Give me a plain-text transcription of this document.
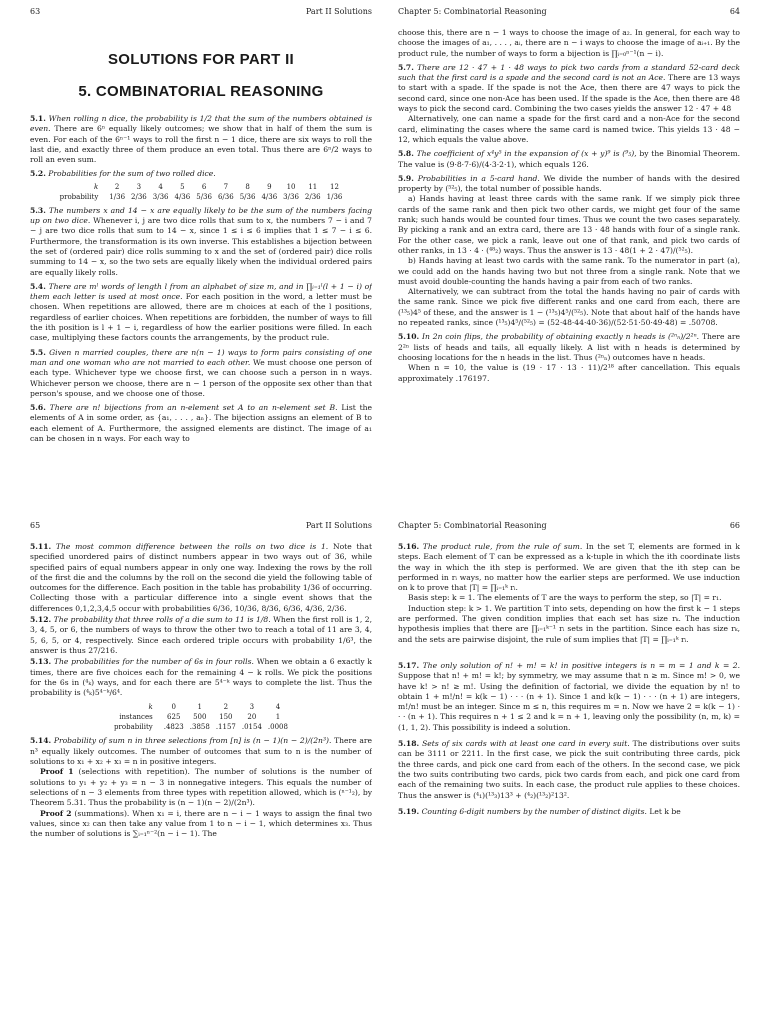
63	Part II Solutions
SOLUTIONS FOR PART II
5. COMBINATORIAL REASONING

5.1. When rolling n dice, the probability is 1/2 that the sum of the numbers obtained is even. There are 6ⁿ equally likely outcomes; we show that in half of them the sum is even. For each of the 6ⁿ⁻¹ ways to roll the first n − 1 dice, there are six ways to roll the last die, and exactly three of them produce an even total. Thus there are 6ⁿ/2 ways to roll an even sum.

5.2. Probabilities for the sum of two rolled dice.

k	2	3	4	5	6	7	8	9	10	11	12
probability	1/36	2/36	3/36	4/36	5/36	6/36	5/36	4/36	3/36	2/36	1/36

5.3. The numbers x and 14 − x are equally likely to be the sum of the numbers facing up on two dice. Whenever i, j are two dice rolls that sum to x, the numbers 7 − i and 7 − j are two dice rolls that sum to 14 − x, since 1 ≤ i ≤ 6 implies that 1 ≤ 7 − i ≤ 6. Furthermore, the transformation is its own inverse. This establishes a bijection between the set of (ordered pair) dice rolls summing to x and the set of (ordered pair) dice rolls summing to 14 − x, so the two sets are equally likely when the individual ordered pairs are equally likely rolls.

5.4. There are mˡ words of length l from an alphabet of size m, and in ∏ᵢ₌₁ˡ(l + 1 − i) of them each letter is used at most once. For each position in the word, a letter must be chosen. When repetitions are allowed, there are m choices at each of the l positions, regardless of earlier choices. When repetitions are forbidden, the number of ways to fill the ith position is l + 1 − i, regardless of how the earlier positions were filled. In each case, multiplying these factors counts the arrangements, by the product rule.

5.5. Given n married couples, there are n(n − 1) ways to form pairs consisting of one man and one woman who are not married to each other. We must choose one person of each type. Whichever type we choose first, we can choose such a person in n ways. Whichever person we choose, there are n − 1 person of the opposite sex other than that person's spouse, and we choose one of those.

5.6. There are n! bijections from an n-element set A to an n-element set B. List the elements of A in some order, as {a₁, . . . , aₙ}. The bijection assigns an element of B to each element of A. Furthermore, the assigned elements are distinct. The image of a₁ can be chosen in n ways. For each way to

Chapter 5: Combinatorial Reasoning	64

choose this, there are n − 1 ways to choose the image of a₂. In general, for each way to choose the images of a₁, . . . , aᵢ, there are n − i ways to choose the image of aᵢ₊₁. By the product rule, the number of ways to form a bijection is ∏ᵢ₌₀ⁿ⁻¹(n − i).

5.7. There are 12 · 47 + 1 · 48 ways to pick two cards from a standard 52-card deck such that the first card is a spade and the second card is not an Ace. There are 13 ways to start with a spade. If the spade is not the Ace, then there are 47 ways to pick the second card, since one non-Ace has been used. If the spade is the Ace, then there are 48 ways to pick the second card. Combining the two cases yields the answer 12 · 47 + 48

Alternatively, one can name a spade for the first card and a non-Ace for the second card, eliminating the cases where the same card is named twice. This yields 13 · 48 − 12, which equals the value above.

5.8. The coefficient of x⁴y⁵ in the expansion of (x + y)⁹ is (⁹₅), by the Binomial Theorem. The value is (9·8·7·6)/(4·3·2·1), which equals 126.

5.9. Probabilities in a 5-card hand. We divide the number of hands with the desired property by (⁵²₅), the total number of possible hands.

a) Hands having at least three cards with the same rank. If we simply pick three cards of the same rank and then pick two other cards, we might get four of the same rank; such hands would be counted four times. Thus we count the two cases separately. By picking a rank and an extra card, there are 13 · 48 hands with four of a single rank. For the other case, we pick a rank, leave out one of that rank, and pick two cards of other ranks, in 13 · 4 · (⁴⁸₂) ways. Thus the answer is 13 · 48(1 + 2 · 47)/(⁵²₅).

b) Hands having at least two cards with the same rank. To the numerator in part (a), we could add on the hands having two but not three from a single rank. Note that we must avoid double-counting the hands having a pair from each of two ranks.

Alternatively, we can subtract from the total the hands having no pair of cards with the same rank. Since we pick five different ranks and one card from each, there are (¹³₅)4⁵ of these, and the answer is 1 − (¹³₅)4⁵/(⁵²₅). Note that about half of the hands have no repeated ranks, since (¹³₅)4⁵/(⁵²₅) = (52·48·44·40·36)/(52·51·50·49·48) = .50708.

5.10. In 2n coin flips, the probability of obtaining exactly n heads is (²ⁿₙ)/2²ⁿ. There are 2²ⁿ lists of heads and tails, all equally likely. A list with n heads is determined by choosing locations for the n heads in the list. Thus (²ⁿₙ) outcomes have n heads.

When n = 10, the value is (19 · 17 · 13 · 11)/2¹⁸ after cancellation. This equals approximately .176197.

65	Part II Solutions

5.11. The most common difference between the rolls on two dice is 1. Note that specified unordered pairs of distinct numbers appear in two ways out of 36, while specified pairs of equal numbers appear in only one way. Indexing the rows by the roll of the first die and the columns by the roll on the second die yield the following table of outcomes for the difference. Each position in the table has probability 1/36 of occurring. Collecting those with a particular difference into a single event shows that the differences 0,1,2,3,4,5 occur with probabilities 6/36, 10/36, 8/36, 6/36, 4/36, 2/36.

5.12. The probability that three rolls of a die sum to 11 is 1/8. When the first roll is 1, 2, 3, 4, 5, or 6, the numbers of ways to throw the other two to reach a total of 11 are 3, 4, 5, 6, 5, or 4, respectively. Since each ordered triple occurs with probability 1/6³, the answer is thus 27/216.

5.13. The probabilities for the number of 6s in four rolls. When we obtain a 6 exactly k times, there are five choices each for the remaining 4 − k rolls. We pick the positions for the 6s in (⁴ₖ) ways, and for each there are 5⁴⁻ᵏ ways to complete the list. Thus the probability is (⁴ₖ)5⁴⁻ᵏ/6⁴.

k	0	1	2	3	4
instances	625	500	150	20	1
probability	.4823	.3858	.1157	.0154	.0008

5.14. Probability of sum n in three selections from [n] is (n − 1)(n − 2)/(2n³). There are n³ equally likely outcomes. The number of outcomes that sum to n is the number of solutions to x₁ + x₂ + x₃ = n in positive integers.

Proof 1 (selections with repetition). The number of solutions is the number of solutions to y₁ + y₂ + y₃ = n − 3 in nonnegative integers. This equals the number of selections of n − 3 elements from three types with repetition allowed, which is (ⁿ⁻¹₂), by Theorem 5.31. Thus the probability is (n − 1)(n − 2)/(2n³).

Proof 2 (summations). When x₁ = i, there are n − i − 1 ways to assign the final two values, since x₂ can then take any value from 1 to n − i − 1, which determines x₃. Thus the number of solutions is ∑ᵢ₌₁ⁿ⁻²(n − i − 1). The

Chapter 5: Combinatorial Reasoning	66

5.16. The product rule, from the rule of sum. In the set T, elements are formed in k steps. Each element of T can be expressed as a k-tuple in which the ith coordinate lists the way in which the ith step is performed. We are given that the ith step can be performed in rᵢ ways, no matter how the earlier steps are performed. We use induction on k to prove that |T| = ∏ᵢ₌₁ᵏ rᵢ.

Basis step: k = 1. The elements of T are the ways to perform the step, so |T| = r₁.

Induction step: k > 1. We partition T into sets, depending on how the first k − 1 steps are performed. The given condition implies that each set has size rₖ. The induction hypothesis implies that there are ∏ᵢ₌₁ᵏ⁻¹ rᵢ sets in the partition. Since each has size rₖ, and the sets are pairwise disjoint, the rule of sum implies that |T| = ∏ᵢ₌₁ᵏ rᵢ.

5.17. The only solution of n! + m! = k! in positive integers is n = m = 1 and k = 2. Suppose that n! + m! = k!; by symmetry, we may assume that n ≥ m. Since m! > 0, we have k! > n! ≥ m!. Using the definition of factorial, we divide the equation by n! to obtain 1 + m!/n! = k(k − 1) · · · (n + 1). Since 1 and k(k − 1) · · · (n + 1) are integers, m!/n! must be an integer. Since m ≤ n, this requires m = n. Now we have 2 = k(k − 1) · · · (n + 1). This requires n + 1 ≤ 2 and k = n + 1, leaving only the possibility (n, m, k) = (1, 1, 2). This possibility is indeed a solution.

5.18. Sets of six cards with at least one card in every suit. The distributions over suits can be 3111 or 2211. In the first case, we pick the suit contributing three cards, pick the three cards, and pick one card from each of the others. In the second case, we pick the two suits contributing two cards, pick two cards from each, and pick one card from each of the remaining two suits. In each case, the product rule applies to these choices. Thus the answer is (⁴₁)(¹³₃)13³ + (⁴₂)(¹³₂)²13².

5.19. Counting 6-digit numbers by the number of distinct digits. Let k be
